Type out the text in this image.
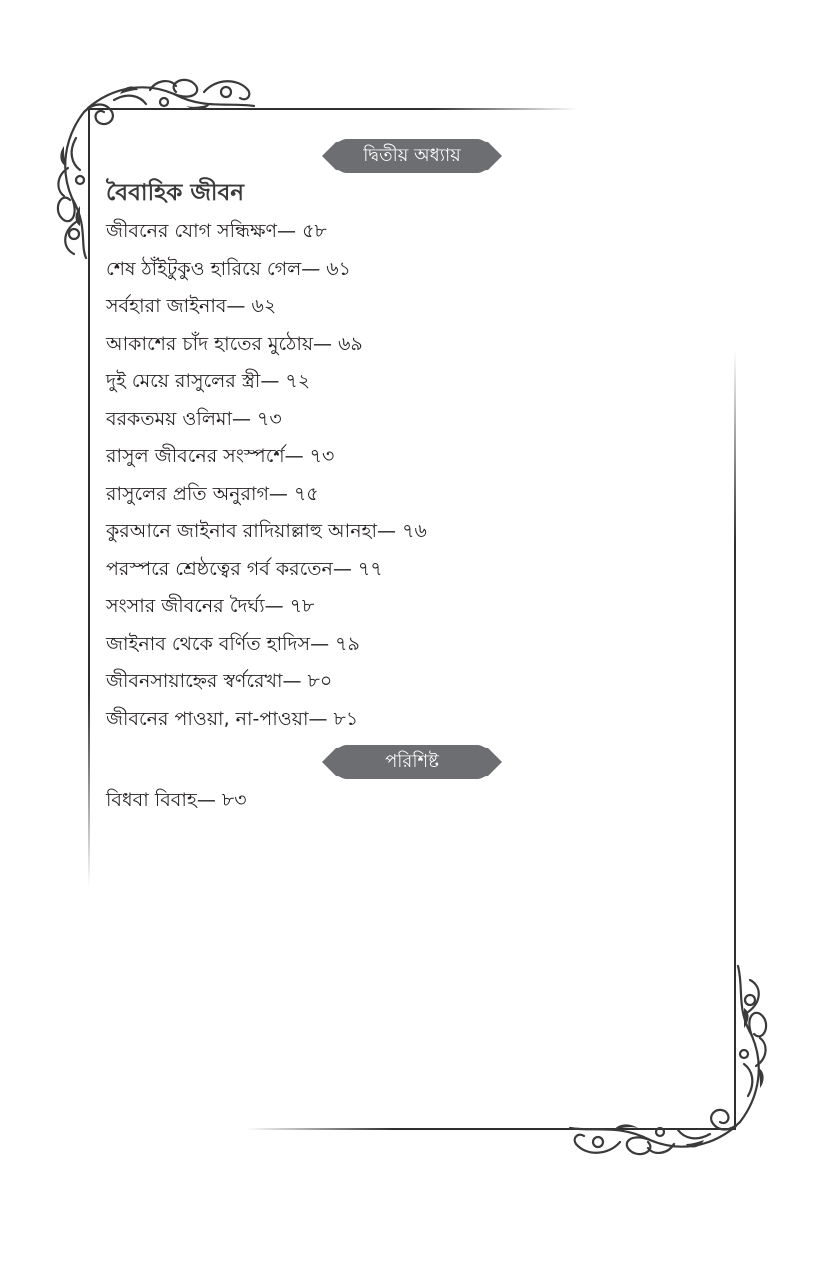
দ্বিতীয় অধ্যায়
বৈবাহিক জীবন
জীবনের যোগ সন্ধিক্ষণ— ৫৮
শেষ ঠাঁইটুকুও হারিয়ে গেল— ৬১
সর্বহারা জাইনাব— ৬২
আকাশের চাঁদ হাতের মুঠোয়— ৬৯
দুই মেয়ে রাসুলের স্ত্রী— ৭২
বরকতময় ওলিমা— ৭৩
রাসুল জীবনের সংস্পর্শে— ৭৩
রাসুলের প্রতি অনুরাগ— ৭৫
কুরআনে জাইনাব রাদিয়াল্লাহু আনহা— ৭৬
পরস্পরে শ্রেষ্ঠত্বের গর্ব করতেন— ৭৭
সংসার জীবনের দৈর্ঘ্য— ৭৮
জাইনাব থেকে বর্ণিত হাদিস— ৭৯
জীবনসায়াহ্নের স্বর্ণরেখা— ৮০
জীবনের পাওয়া, না-পাওয়া— ৮১
পরিশিষ্ট
বিধবা বিবাহ— ৮৩
